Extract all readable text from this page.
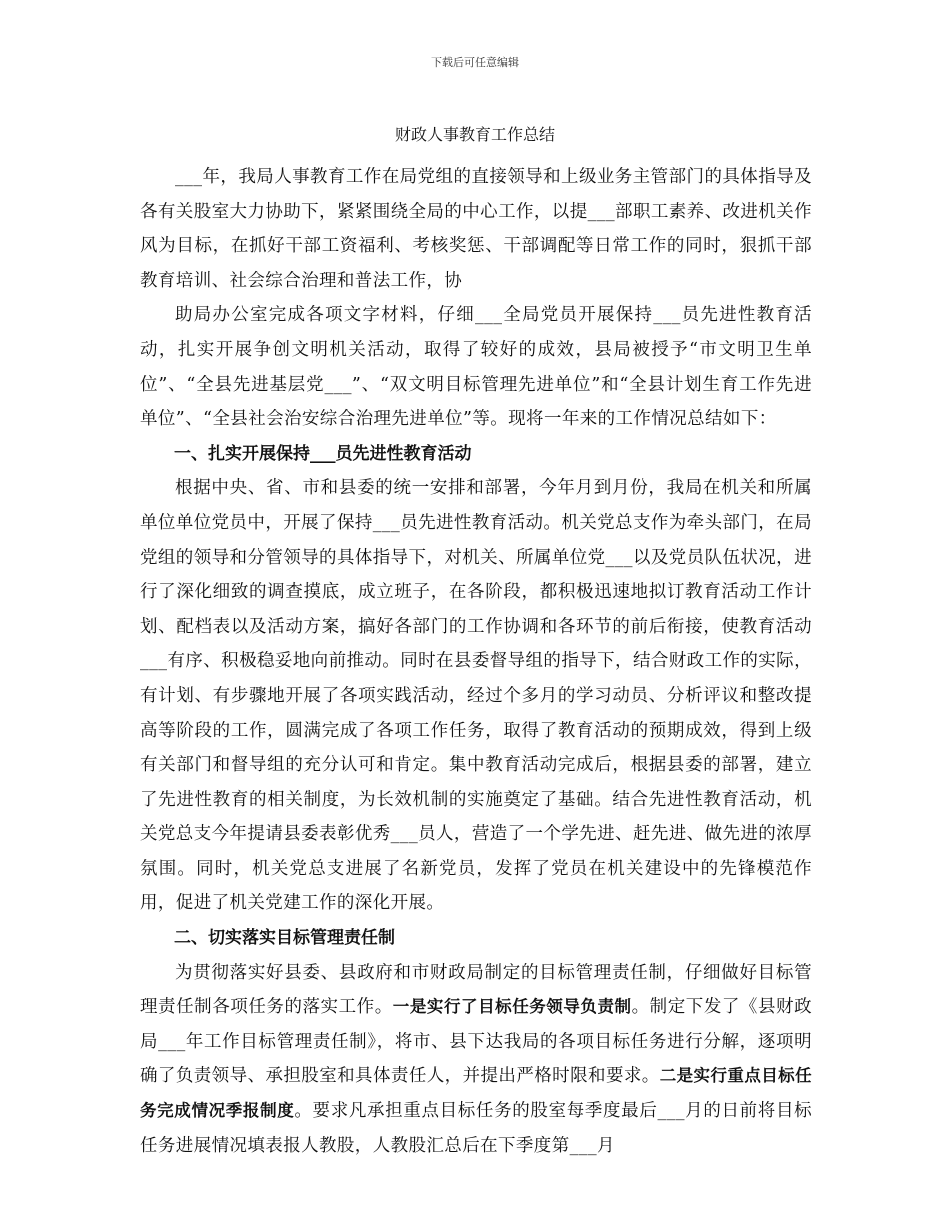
下载后可任意编辑
财政人事教育工作总结

___年，我局人事教育工作在局党组的直接领导和上级业务主管部门的具体指导及各有关股室大力协助下，紧紧围绕全局的中心工作，以提___部职工素养、改进机关作风为目标，在抓好干部工资福利、考核奖惩、干部调配等日常工作的同时，狠抓干部教育培训、社会综合治理和普法工作，协

助局办公室完成各项文字材料，仔细___全局党员开展保持___员先进性教育活动，扎实开展争创文明机关活动，取得了较好的成效，县局被授予“市文明卫生单位”、“全县先进基层党___”、“双文明目标管理先进单位”和“全县计划生育工作先进单位”、“全县社会治安综合治理先进单位”等。现将一年来的工作情况总结如下：

一、扎实开展保持___员先进性教育活动

根据中央、省、市和县委的统一安排和部署，今年月到月份，我局在机关和所属单位单位党员中，开展了保持___员先进性教育活动。机关党总支作为牵头部门，在局党组的领导和分管领导的具体指导下，对机关、所属单位党___以及党员队伍状况，进行了深化细致的调查摸底，成立班子，在各阶段，都积极迅速地拟订教育活动工作计划、配档表以及活动方案，搞好各部门的工作协调和各环节的前后衔接，使教育活动___有序、积极稳妥地向前推动。同时在县委督导组的指导下，结合财政工作的实际，有计划、有步骤地开展了各项实践活动，经过个多月的学习动员、分析评议和整改提高等阶段的工作，圆满完成了各项工作任务，取得了教育活动的预期成效，得到上级有关部门和督导组的充分认可和肯定。集中教育活动完成后，根据县委的部署，建立了先进性教育的相关制度，为长效机制的实施奠定了基础。结合先进性教育活动，机关党总支今年提请县委表彰优秀___员人，营造了一个学先进、赶先进、做先进的浓厚氛围。同时，机关党总支进展了名新党员，发挥了党员在机关建设中的先锋模范作用，促进了机关党建工作的深化开展。

二、切实落实目标管理责任制

为贯彻落实好县委、县政府和市财政局制定的目标管理责任制，仔细做好目标管理责任制各项任务的落实工作。一是实行了目标任务领导负责制。制定下发了《县财政局___年工作目标管理责任制》，将市、县下达我局的各项目标任务进行分解，逐项明确了负责领导、承担股室和具体责任人，并提出严格时限和要求。二是实行重点目标任务完成情况季报制度。要求凡承担重点目标任务的股室每季度最后___月的日前将目标任务进展情况填表报人教股，人教股汇总后在下季度第___月
